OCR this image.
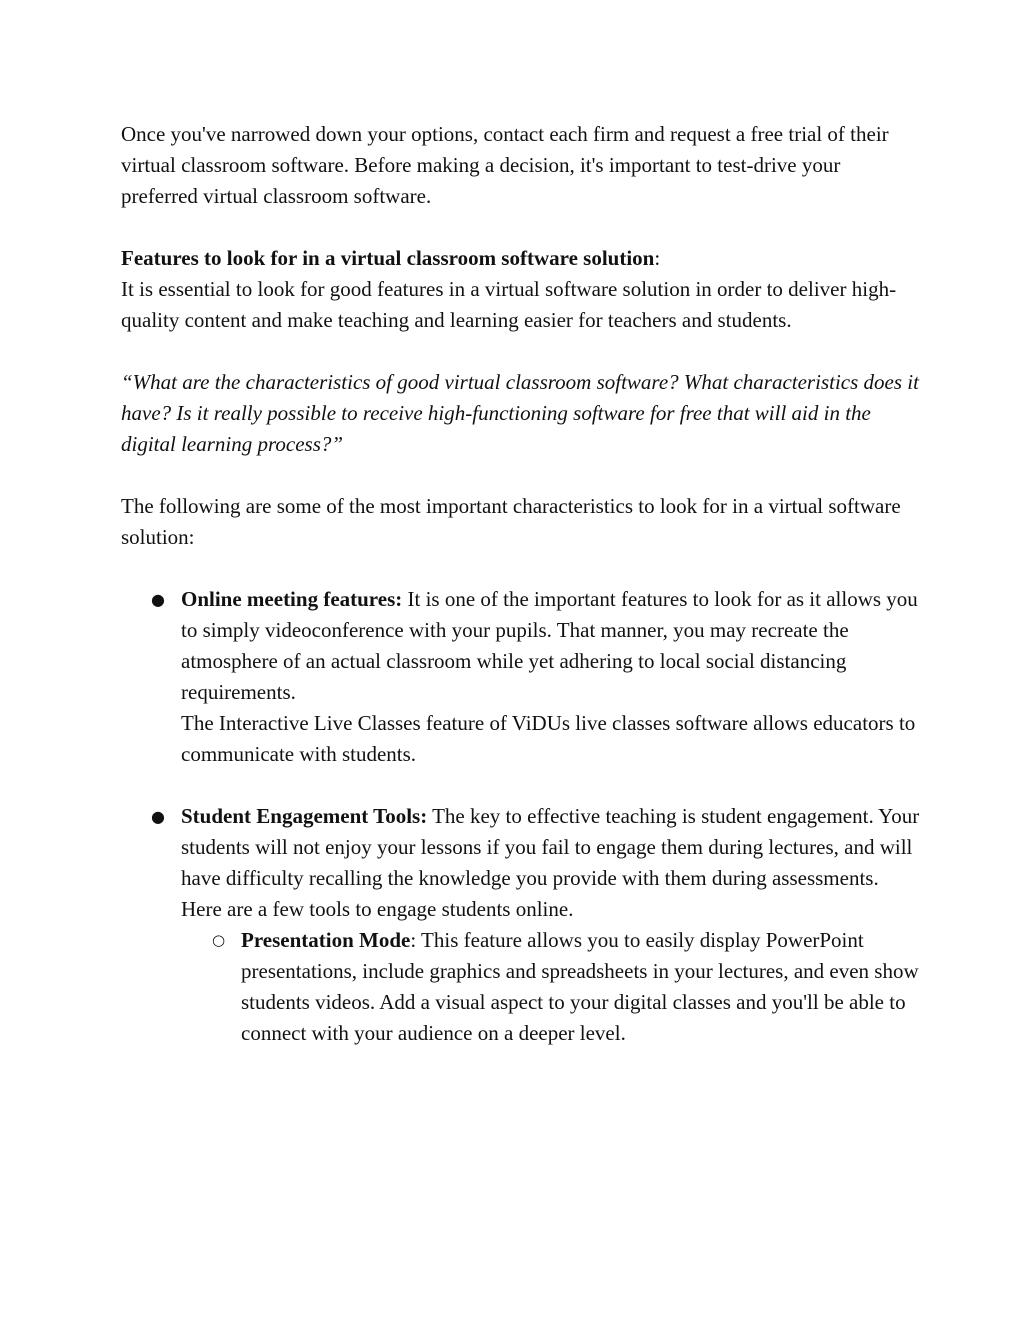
Once you've narrowed down your options, contact each firm and request a free trial of their virtual classroom software. Before making a decision, it's important to test-drive your preferred virtual classroom software.

Features to look for in a virtual classroom software solution:

It is essential to look for good features in a virtual software solution in order to deliver high-quality content and make teaching and learning easier for teachers and students.

“What are the characteristics of good virtual classroom software? What characteristics does it have? Is it really possible to receive high-functioning software for free that will aid in the digital learning process?”

The following are some of the most important characteristics to look for in a virtual software solution:

● Online meeting features: It is one of the important features to look for as it allows you to simply videoconference with your pupils. That manner, you may recreate the atmosphere of an actual classroom while yet adhering to local social distancing requirements.

The Interactive Live Classes feature of ViDUs live classes software allows educators to communicate with students.

● Student Engagement Tools: The key to effective teaching is student engagement. Your students will not enjoy your lessons if you fail to engage them during lectures, and will have difficulty recalling the knowledge you provide with them during assessments.

Here are a few tools to engage students online.

○ Presentation Mode: This feature allows you to easily display PowerPoint presentations, include graphics and spreadsheets in your lectures, and even show students videos. Add a visual aspect to your digital classes and you'll be able to connect with your audience on a deeper level.
